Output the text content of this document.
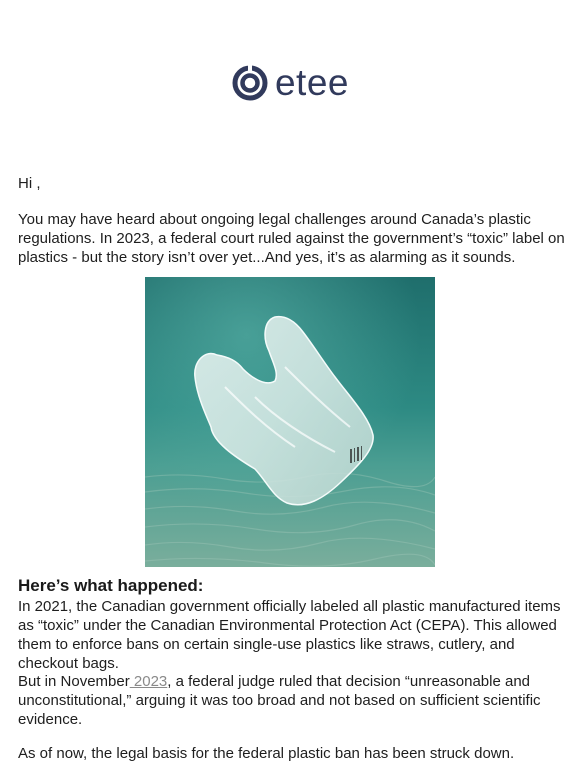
etee

Hi ,

You may have heard about ongoing legal challenges around Canada’s plastic regulations. In 2023, a federal court ruled against the government’s “toxic” label on plastics - but the story isn’t over yet...And yes, it’s as alarming as it sounds.

Here’s what happened:

In 2021, the Canadian government officially labeled all plastic manufactured items as “toxic” under the Canadian Environmental Protection Act (CEPA). This allowed them to enforce bans on certain single-use plastics like straws, cutlery, and checkout bags.

But in November 2023, a federal judge ruled that decision “unreasonable and unconstitutional,” arguing it was too broad and not based on sufficient scientific evidence.

As of now, the legal basis for the federal plastic ban has been struck down.
